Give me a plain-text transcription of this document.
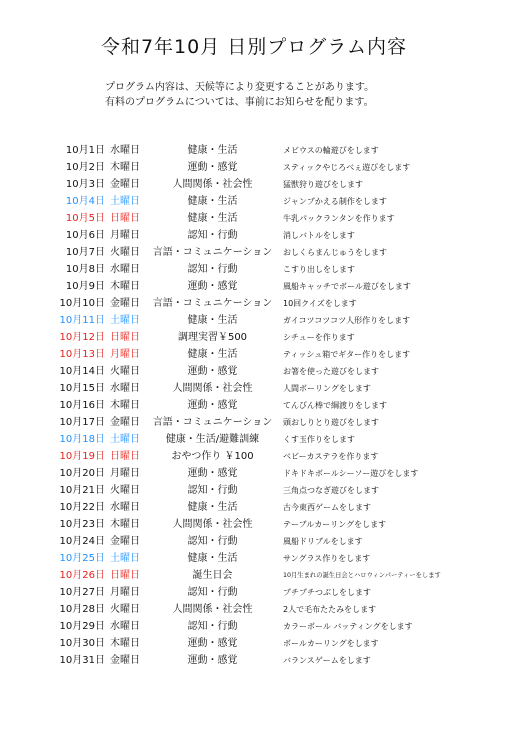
令和7年10月 日別プログラム内容
プログラム内容は、天候等により変更することがあります。
有料のプログラムについては、事前にお知らせを配ります。
10月1日 水曜日	健康・生活	メビウスの輪遊びをします
10月2日 木曜日	運動・感覚	スティックやじろべぇ遊びをします
10月3日 金曜日	人間関係・社会性	猛獣狩り遊びをします
10月4日 土曜日	健康・生活	ジャンプかえる制作をします
10月5日 日曜日	健康・生活	牛乳パックランタンを作ります
10月6日 月曜日	認知・行動	消しバトルをします
10月7日 火曜日	言語・コミュニケーション	おしくらまんじゅうをします
10月8日 水曜日	認知・行動	こすり出しをします
10月9日 木曜日	運動・感覚	風船キャッチでボール遊びをします
10月10日 金曜日	言語・コミュニケーション	10回クイズをします
10月11日 土曜日	健康・生活	ガイコツコツコツ人形作りをします
10月12日 日曜日	調理実習￥500	シチューを作ります
10月13日 月曜日	健康・生活	ティッシュ箱でギター作りをします
10月14日 火曜日	運動・感覚	お箸を使った遊びをします
10月15日 水曜日	人間関係・社会性	人間ボーリングをします
10月16日 木曜日	運動・感覚	てんびん棒で綱渡りをします
10月17日 金曜日	言語・コミュニケーション	頭おしりとり遊びをします
10月18日 土曜日	健康・生活/避難訓練	くす玉作りをします
10月19日 日曜日	おやつ作り ￥100	ベビーカステラを作ります
10月20日 月曜日	運動・感覚	ドキドキボールシーソー遊びをします
10月21日 火曜日	認知・行動	三角点つなぎ遊びをします
10月22日 水曜日	健康・生活	古今東西ゲームをします
10月23日 木曜日	人間関係・社会性	テーブルカーリングをします
10月24日 金曜日	認知・行動	風船ドリブルをします
10月25日 土曜日	健康・生活	サングラス作りをします
10月26日 日曜日	誕生日会	10月生まれの誕生日会とハロウィンパーティーをします
10月27日 月曜日	認知・行動	プチプチつぶしをします
10月28日 火曜日	人間関係・社会性	2人で毛布たたみをします
10月29日 水曜日	認知・行動	カラーボール バッティングをします
10月30日 木曜日	運動・感覚	ボールカーリングをします
10月31日 金曜日	運動・感覚	バランスゲームをします
